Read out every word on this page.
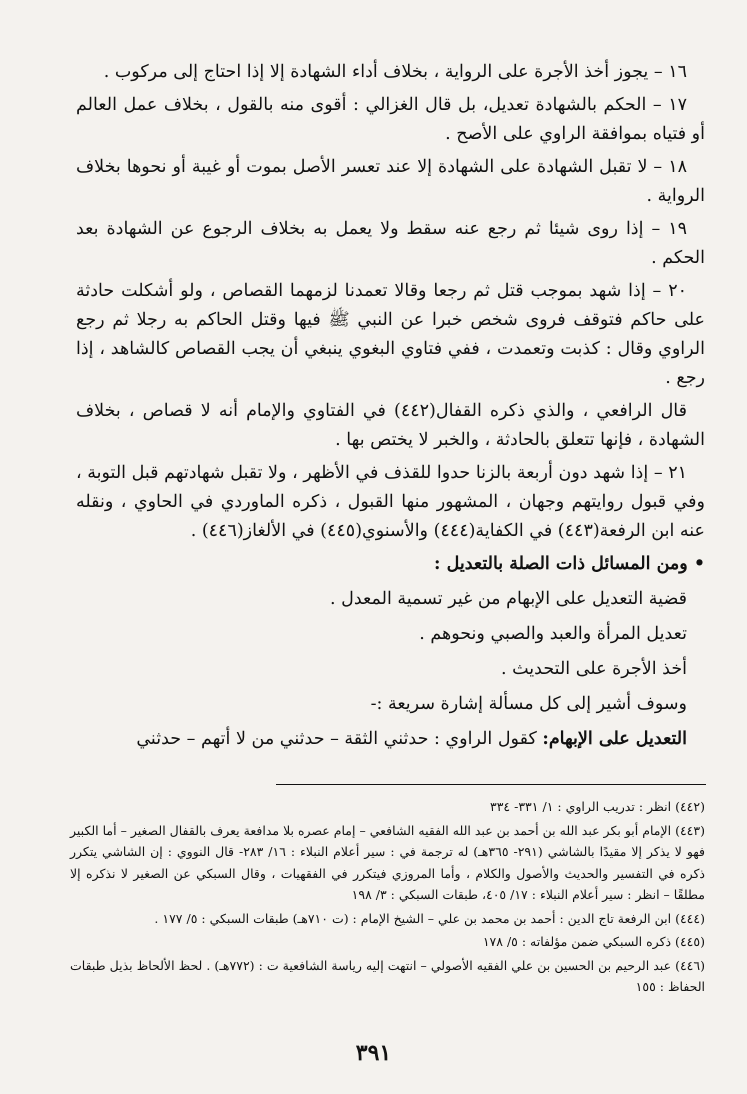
١٦ – يجوز أخذ الأجرة على الرواية ، بخلاف أداء الشهادة إلا إذا احتاج إلى مركوب .

١٧ – الحكم بالشهادة تعديل، بل قال الغزالي : أقوى منه بالقول ، بخلاف عمل العالم أو فتياه بموافقة الراوي على الأصح .

١٨ – لا تقبل الشهادة على الشهادة إلا عند تعسر الأصل بموت أو غيبة أو نحوها بخلاف الرواية .

١٩ – إذا روى شيئا ثم رجع عنه سقط ولا يعمل به بخلاف الرجوع عن الشهادة بعد الحكم .

٢٠ – إذا شهد بموجب قتل ثم رجعا وقالا تعمدنا لزمهما القصاص ، ولو أشكلت حادثة على حاكم فتوقف فروى شخص خبرا عن النبي ﷺ فيها وقتل الحاكم به رجلا ثم رجع الراوي وقال : كذبت وتعمدت ، ففي فتاوي البغوي ينبغي أن يجب القصاص كالشاهد ، إذا رجع .

قال الرافعي ، والذي ذكره القفال(٤٤٢) في الفتاوي والإمام أنه لا قصاص ، بخلاف الشهادة ، فإنها تتعلق بالحادثة ، والخبر لا يختص بها .

٢١ – إذا شهد دون أربعة بالزنا حدوا للقذف في الأظهر ، ولا تقبل شهادتهم قبل التوبة ، وفي قبول روايتهم وجهان ، المشهور منها القبول ، ذكره الماوردي في الحاوي ، ونقله عنه ابن الرفعة(٤٤٣) في الكفاية(٤٤٤) والأسنوي(٤٤٥) في الألغاز(٤٤٦) .

• ومن المسائل ذات الصلة بالتعديل :

قضية التعديل على الإبهام من غير تسمية المعدل .

تعديل المرأة والعبد والصبي ونحوهم .

أخذ الأجرة على التحديث .

وسوف أشير إلى كل مسألة إشارة سريعة :-

التعديل على الإبهام: كقول الراوي : حدثني الثقة – حدثني من لا أتهم – حدثني

(٤٤٢) انظر : تدريب الراوي : ١/ ٣٣١- ٣٣٤

(٤٤٣) الإمام أبو بكر عبد الله بن أحمد بن عبد الله الفقيه الشافعي – إمام عصره بلا مدافعة يعرف بالقفال الصغير – أما الكبير فهو لا يذكر إلا مقيدًا بالشاشي (٢٩١- ٣٦٥هـ) له ترجمة في : سير أعلام النبلاء : ١٦/ ٢٨٣- قال النووي : إن الشاشي يتكرر ذكره في التفسير والحديث والأصول والكلام ، وأما المروزي فيتكرر في الفقهيات ، وقال السبكي عن الصغير لا نذكره إلا مطلقًا – انظر : سير أعلام النبلاء : ١٧/ ٤٠٥، طبقات السبكي : ٣/ ١٩٨

(٤٤٤) ابن الرفعة تاج الدين : أحمد بن محمد بن علي – الشيخ الإمام : (ت ٧١٠هـ) طبقات السبكي : ٥/ ١٧٧ .

(٤٤٥) ذكره السبكي ضمن مؤلفاته : ٥/ ١٧٨

(٤٤٦) عبد الرحيم بن الحسين بن علي الفقيه الأصولي – انتهت إليه رياسة الشافعية ت : (٧٧٢هـ) . لحظ الألحاظ بذيل طبقات الحفاظ : ١٥٥

٣٩١
